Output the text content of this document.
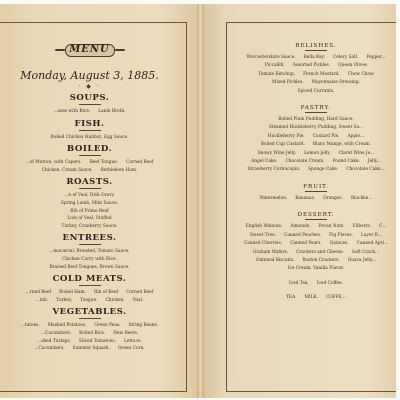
MENU
Monday, August 3, 1885.
· ◆ ·
SOUPS.
...asse with Rice. Lamb Broth.
FISH.
Boiled Chicken Halibut, Egg Sauce.
BOILED.
...of Mutton, with Capers. Beef Tongue. Corned Beef
Chicken, Cream Sauce. Bethlehem Ham.
ROASTS.
...n of Veal, Dish Gravy.
Spring Lamb, Mint Sauce.
Rib of Prime Beef
Loin of Veal, Stuffed
Turkey, Cranberry Sauce.
ENTREES.
...macaroni, Breaded, Tomato Sauce.
Chicken Curry with Rice.
Braised Beef Tongues, Brown Sauce.
COLD MEATS.
...rned Beef Boiled Ham. Rib of Beef Corned Beef
...mb. Turkey. Tongue. Chicken. Veal.
VEGETABLES.
...tatoes. Mashed Potatoes. Green Peas. String Beans.
...Cucumbers. Boiled Rice. New Beets.
...shed Turnips. Sliced Tomatoes. Lettuce.
...Cucumbers. Summer Squash. Green Corn.
RELISHES.
Worcestershire Sauce. Bella Bay. Celery Salt. Pepper...
Piccalilli. Assorted Pickles. Queen Olives
Tomato Ketchup. French Mustard. Chow Chow
Mixed Pickles. Mayonnaise Dressing.
Spiced Currants.
PASTRY.
Boiled Plum Pudding, Hard Sauce.
Steamed Huckleberry Pudding, Sweet Sa...
Huckleberry Pie. Custard Pie. Apple...
Boiled Cup Custard. Blanc Mange, with Cream.
Snowy Wine Jelly. Lemon Jelly. Claret Wine Je...
Angel Cake. Chocolate Cream. Pound Cake. Jelly...
Strawberry Cornucopia. Sponge Cake. Chocolate Cake...
FRUIT.
Watermelon. Bananas. Oranges. Blackbe...
DESSERT.
English Walnuts. Almonds. Pecan Nuts. Filberts. C...
Sweet Tree. Canned Peaches. Fig Pieces. Layer R...
Canned Cherries. Canned Pears. Quinces. Canned Apri...
Graham Wafers. Crackers and Cheese. Soft Crack...
Oatmeal Biscuits. Boston Crackers. Guava Jelly...
Ice Cream, Vanilla Flavor.
Iced Tea. Iced Coffee.
TEA. MILK. COFFE...
